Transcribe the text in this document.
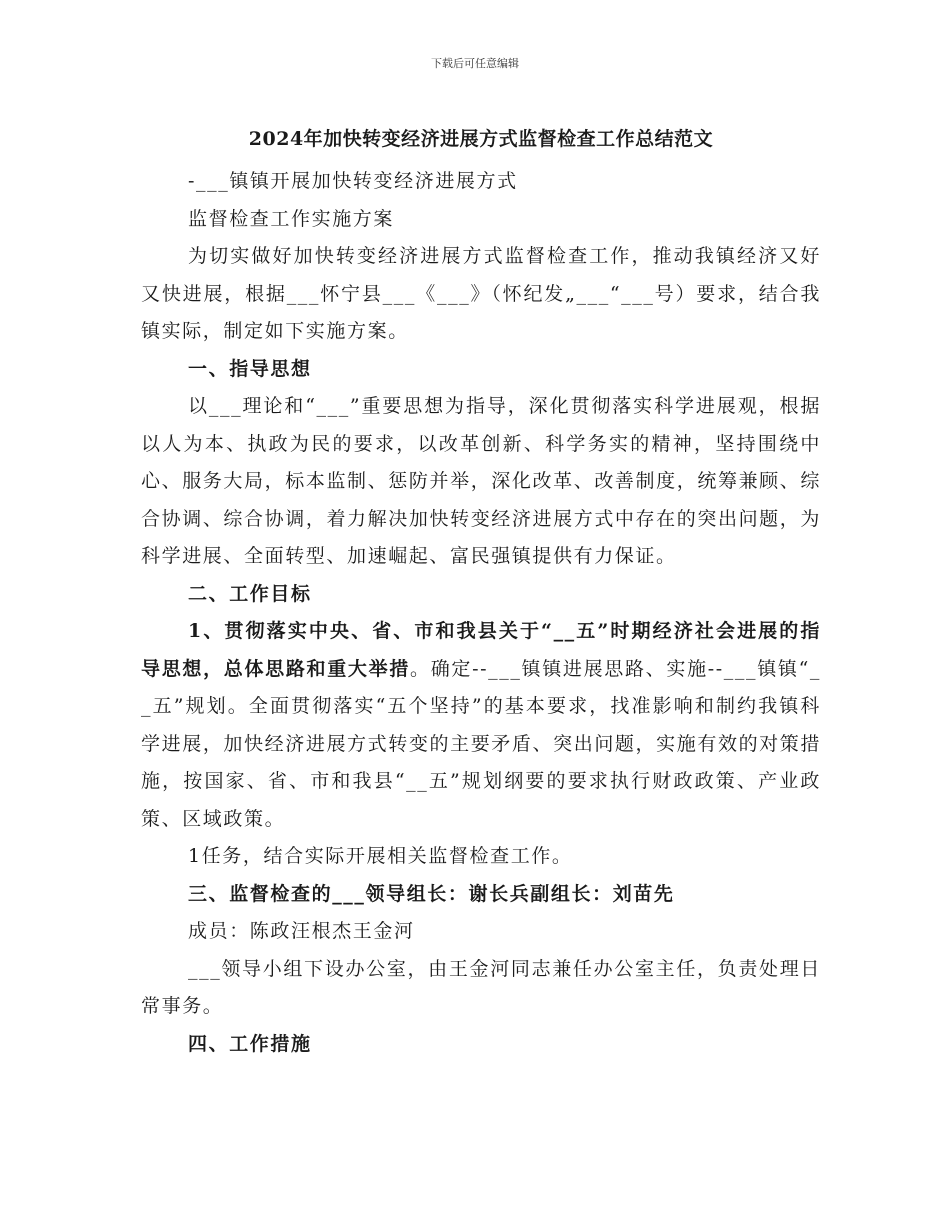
下载后可任意编辑
2024年加快转变经济进展方式监督检查工作总结范文

-___镇镇开展加快转变经济进展方式

监督检查工作实施方案

为切实做好加快转变经济进展方式监督检查工作，推动我镇经济又好又快进展，根据___怀宁县___《___》（怀纪发„___“___号）要求，结合我镇实际，制定如下实施方案。

一、指导思想

以___理论和“___”重要思想为指导，深化贯彻落实科学进展观，根据以人为本、执政为民的要求，以改革创新、科学务实的精神，坚持围绕中心、服务大局，标本监制、惩防并举，深化改革、改善制度，统筹兼顾、综合协调、综合协调，着力解决加快转变经济进展方式中存在的突出问题，为科学进展、全面转型、加速崛起、富民强镇提供有力保证。

二、工作目标

1、贯彻落实中央、省、市和我县关于“__五”时期经济社会进展的指导思想，总体思路和重大举措。确定--___镇镇进展思路、实施--___镇镇“__五”规划。全面贯彻落实“五个坚持”的基本要求，找准影响和制约我镇科学进展，加快经济进展方式转变的主要矛盾、突出问题，实施有效的对策措施，按国家、省、市和我县“__五”规划纲要的要求执行财政政策、产业政策、区域政策。

1任务，结合实际开展相关监督检查工作。

三、监督检查的___领导组长：谢长兵副组长：刘苗先

成员：陈政汪根杰王金河

___领导小组下设办公室，由王金河同志兼任办公室主任，负责处理日常事务。

四、工作措施
